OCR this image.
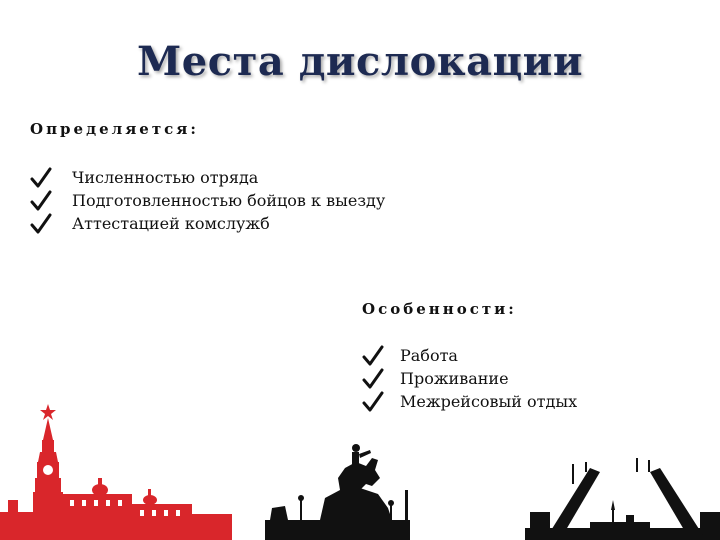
Места дислокации
Определяется:
Численностью отряда
Подготовленностью бойцов к выезду
Аттестацией комслужб
Особенности:
Работа
Проживание
Межрейсовый отдых
